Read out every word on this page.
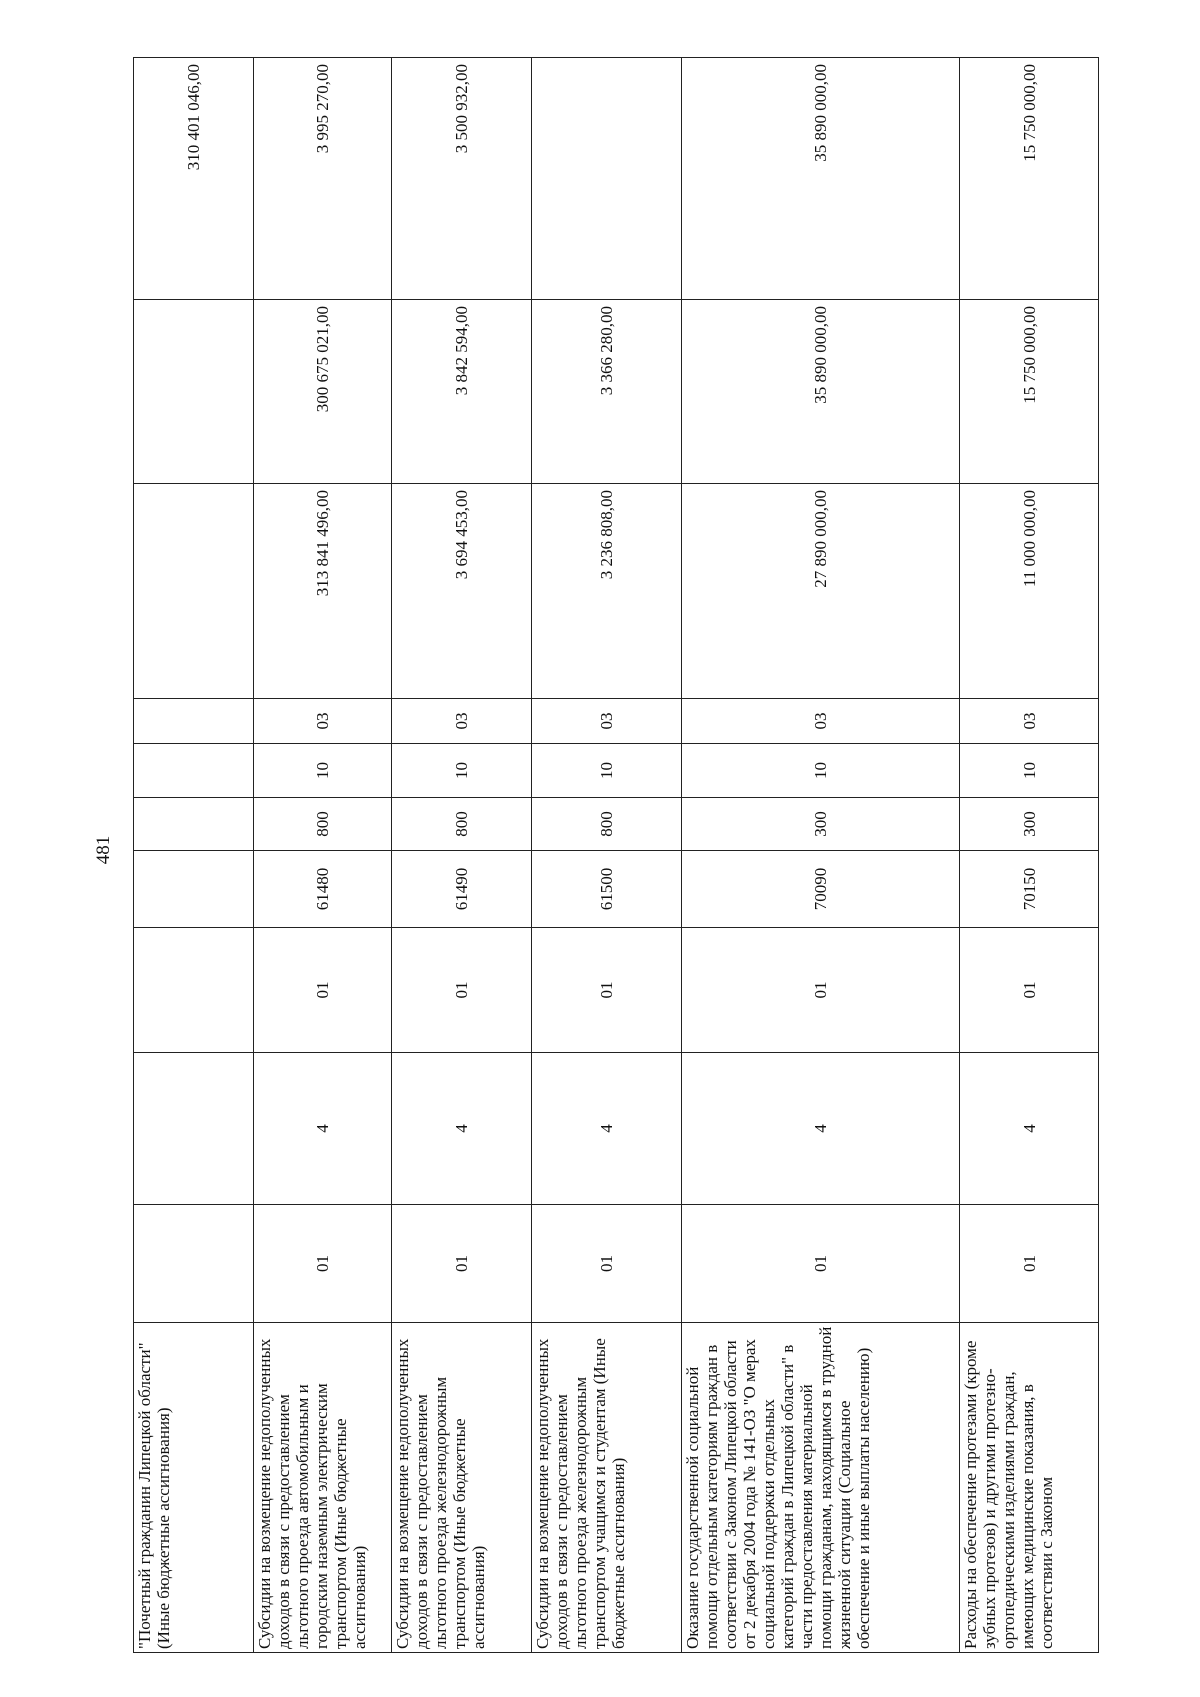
481
"Почетный гражданин Липецкой области" (Иные бюджетные ассигнования)										310 401 046,00
Субсидии на возмещение недополученных доходов в связи с предоставлением льготного проезда автомобильным и городским наземным электрическим транспортом (Иные бюджетные ассигнования)	01	4	01	61480	800	10	03	313 841 496,00	300 675 021,00	3 995 270,00
Субсидии на возмещение недополученных доходов в связи с предоставлением льготного проезда железнодорожным транспортом (Иные бюджетные ассигнования)	01	4	01	61490	800	10	03	3 694 453,00	3 842 594,00	3 500 932,00
Субсидии на возмещение недополученных доходов в связи с предоставлением льготного проезда железнодорожным транспортом учащимся и студентам (Иные бюджетные ассигнования)	01	4	01	61500	800	10	03	3 236 808,00	3 366 280,00	
Оказание государственной социальной помощи отдельным категориям граждан в соответствии с Законом Липецкой области от 2 декабря 2004 года № 141-ОЗ "О мерах социальной поддержки отдельных категорий граждан в Липецкой области" в части предоставления материальной помощи гражданам, находящимся в трудной жизненной ситуации (Социальное обеспечение и иные выплаты населению)	01	4	01	70090	300	10	03	27 890 000,00	35 890 000,00	35 890 000,00
Расходы на обеспечение протезами (кроме зубных протезов) и другими протезно-ортопедическими изделиями граждан, имеющих медицинские показания, в соответствии с Законом	01	4	01	70150	300	10	03	11 000 000,00	15 750 000,00	15 750 000,00
